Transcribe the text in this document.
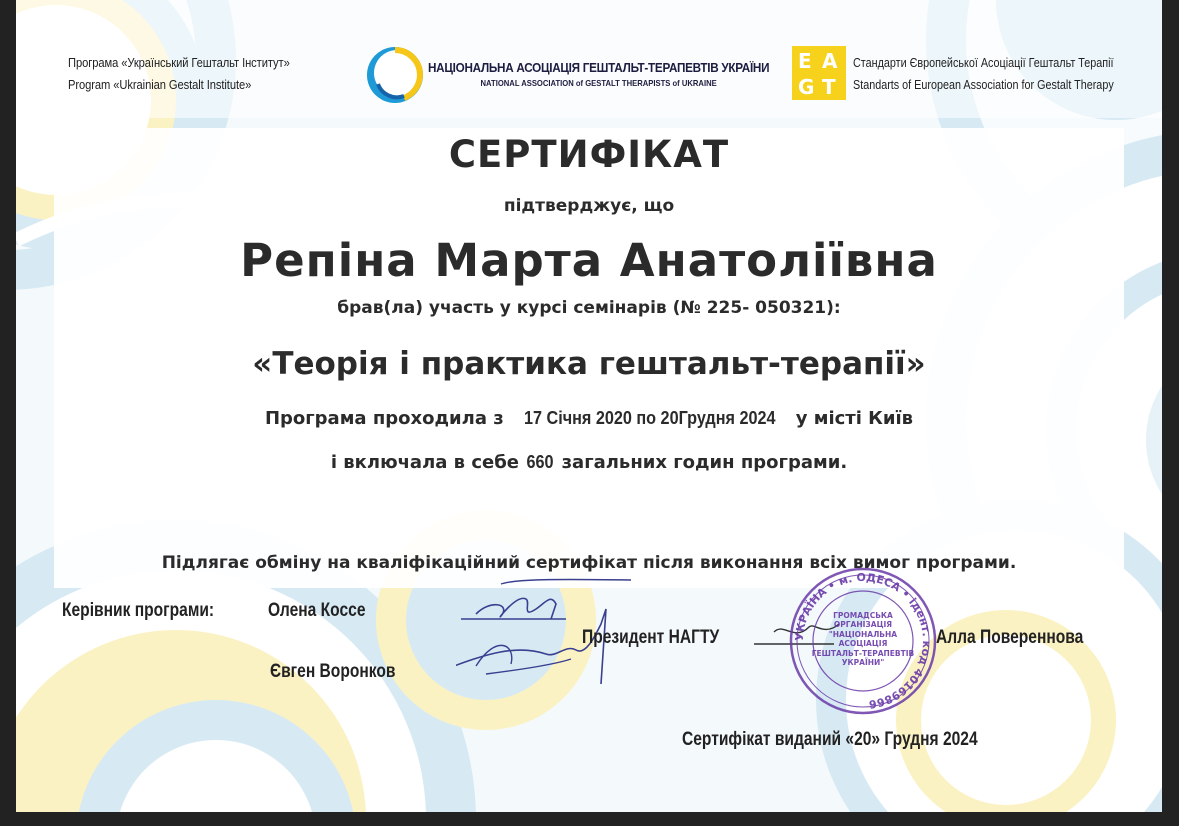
Програма «Український Гештальт Інститут»
Program «Ukrainian Gestalt Institute»
НАЦІОНАЛЬНА АСОЦІАЦІЯ ГЕШТАЛЬТ-ТЕРАПЕВТІВ УКРАЇНИ
NATIONAL ASSOCIATION of GESTALT THERAPISTS of UKRAINE
E A
G T
Стандарти Європейської Асоціації Гештальт Терапії
Standarts of European Association for Gestalt Therapy
СЕРТИФІКАТ
підтверджує, що
Репіна Марта Анатоліївна
брав(ла) участь у курсі семінарів (№ 225- 050321):
«Теорія і практика гештальт-терапії»
Програма проходила з 17 Січня 2020 по 20Грудня 2024 у місті Київ
і включала в себе 660 загальних годин програми.
Підлягає обміну на кваліфікаційний сертифікат після виконання всіх вимог програми.
Керівник програми:	Олена Коссе
Євген Воронков
Президент НАГТУ	УКРАЇНА • м. ОДЕСА • ідент. код 40169866
ГРОМАДСЬКА
ОРГАНІЗАЦІЯ
"НАЦІОНАЛЬНА
АСОЦІАЦІЯ
ГЕШТАЛЬТ-ТЕРАПЕВТІВ
УКРАЇНИ"
Алла Повереннова
Сертифікат виданий «20» Грудня 2024
